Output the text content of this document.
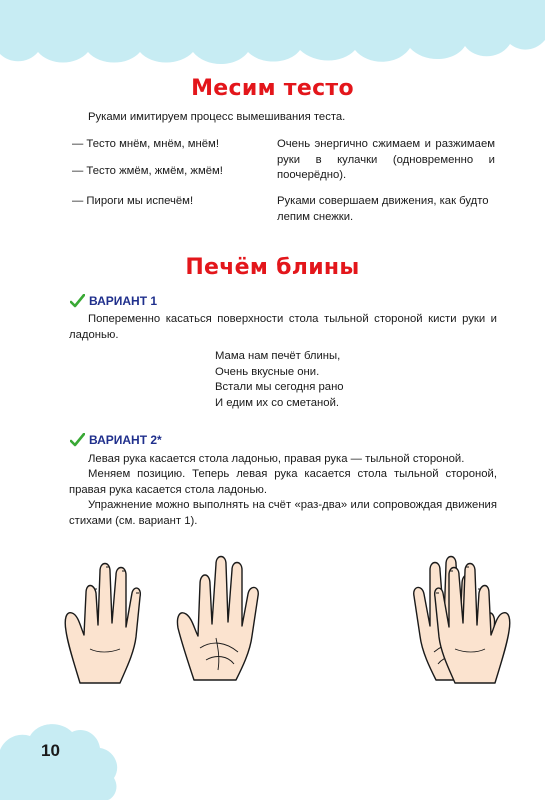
10
Месим тесто

Руками имитируем процесс вымешивания теста.

— Тесто мнём, мнём, мнём!

— Тесто жмём, жмём, жмём!

— Пироги мы испечём!

Очень энергично сжимаем и разжимаем руки в кулачки (одновременно и поочерёдно).

Руками совершаем движения, как будто лепим снежки.

Печём блины
ВАРИАНТ 1

Попеременно касаться поверхности стола тыльной стороной кисти руки и ладонью.

Мама нам печёт блины,
Очень вкусные они.
Встали мы сегодня рано
И едим их со сметаной.
ВАРИАНТ 2*

Левая рука касается стола ладонью, правая рука — тыльной стороной.

Меняем позицию. Теперь левая рука касается стола тыльной стороной, правая рука касается стола ладонью.

Упражнение можно выполнять на счёт «раз-два» или сопровождая движения стихами (см. вариант 1).
